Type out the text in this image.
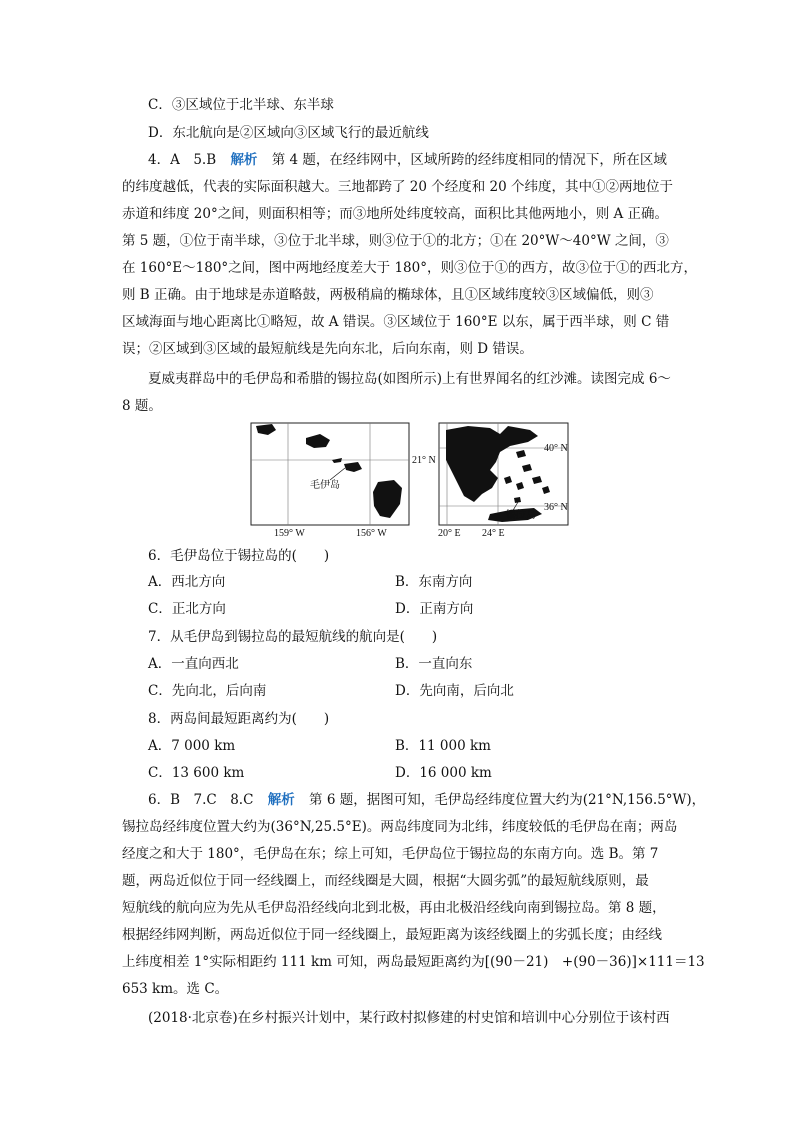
C．③区域位于北半球、东半球
D．东北航向是②区域向③区域飞行的最近航线
4．A　5.B 解析 第 4 题，在经纬网中，区域所跨的经纬度相同的情况下，所在区域
的纬度越低，代表的实际面积越大。三地都跨了 20 个经度和 20 个纬度，其中①②两地位于
赤道和纬度 20°之间，则面积相等；而③地所处纬度较高，面积比其他两地小，则 A 正确。
第 5 题，①位于南半球，③位于北半球，则③位于①的北方；①在 20°W～40°W 之间，③
在 160°E～180°之间，图中两地经度差大于 180°，则③位于①的西方，故③位于①的西北方，
则 B 正确。由于地球是赤道略鼓，两极稍扁的椭球体，且①区域纬度较③区域偏低，则③
区域海面与地心距离比①略短，故 A 错误。③区域位于 160°E 以东，属于西半球，则 C 错
误；②区域到③区域的最短航线是先向东北，后向东南，则 D 错误。
夏威夷群岛中的毛伊岛和希腊的锡拉岛(如图所示)上有世界闻名的红沙滩。读图完成 6～
8 题。
毛伊岛
21° N
159° W	156° W
锡拉岛
40° N
36° N
20° E 24° E
6．毛伊岛位于锡拉岛的(　　)
A．西北方向	B．东南方向
C．正北方向	D．正南方向
7．从毛伊岛到锡拉岛的最短航线的航向是(　　)
A．一直向西北	B．一直向东
C．先向北，后向南	D．先向南，后向北
8．两岛间最短距离约为(　　)
A．7 000 km	B．11 000 km
C．13 600 km	D．16 000 km
6．B　7.C　8.C 解析 第 6 题，据图可知，毛伊岛经纬度位置大约为(21°N,156.5°W)，
锡拉岛经纬度位置大约为(36°N,25.5°E)。两岛纬度同为北纬，纬度较低的毛伊岛在南；两岛
经度之和大于 180°，毛伊岛在东；综上可知，毛伊岛位于锡拉岛的东南方向。选 B。第 7
题，两岛近似位于同一经线圈上，而经线圈是大圆，根据“大圆劣弧”的最短航线原则，最
短航线的航向应为先从毛伊岛沿经线向北到北极，再由北极沿经线向南到锡拉岛。第 8 题，
根据经纬网判断，两岛近似位于同一经线圈上，最短距离为该经线圈上的劣弧长度；由经线
上纬度相差 1°实际相距约 111 km 可知，两岛最短距离约为[(90－21)　+(90－36)]×111＝13
653 km。选 C。
(2018·北京卷)在乡村振兴计划中，某行政村拟修建的村史馆和培训中心分别位于该村西
